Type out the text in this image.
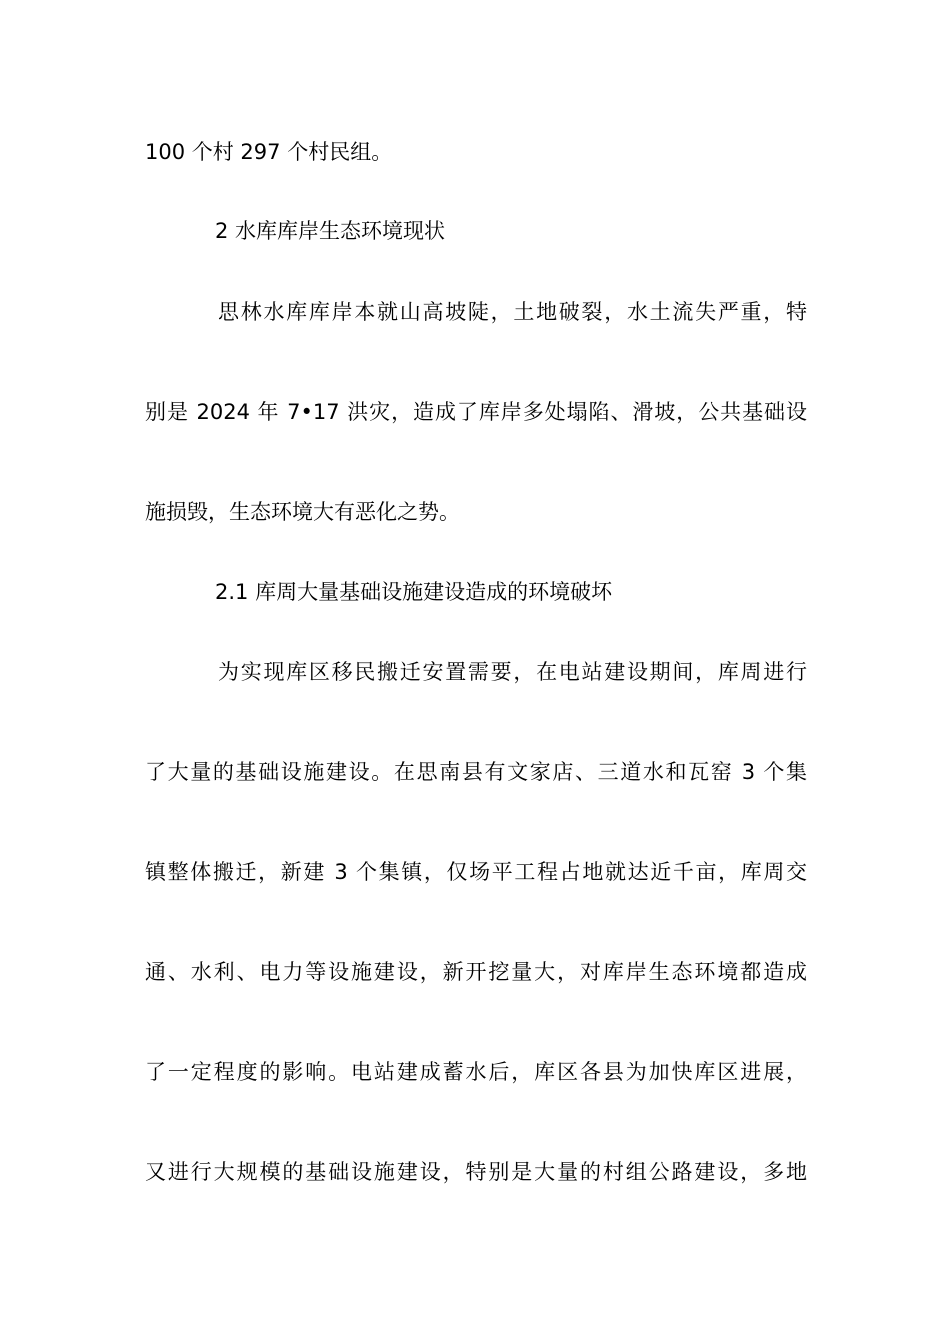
100 个村 297 个村民组。
2 水库库岸生态环境现状
思林水库库岸本就山高坡陡，土地破裂，水土流失严重，特
别是 2024 年 7•17 洪灾，造成了库岸多处塌陷、滑坡，公共基础设
施损毁，生态环境大有恶化之势。
2.1 库周大量基础设施建设造成的环境破坏
为实现库区移民搬迁安置需要，在电站建设期间，库周进行
了大量的基础设施建设。在思南县有文家店、三道水和瓦窑 3 个集
镇整体搬迁，新建 3 个集镇，仅场平工程占地就达近千亩，库周交
通、水利、电力等设施建设，新开挖量大，对库岸生态环境都造成
了一定程度的影响。电站建成蓄水后，库区各县为加快库区进展，
又进行大规模的基础设施建设，特别是大量的村组公路建设，多地
